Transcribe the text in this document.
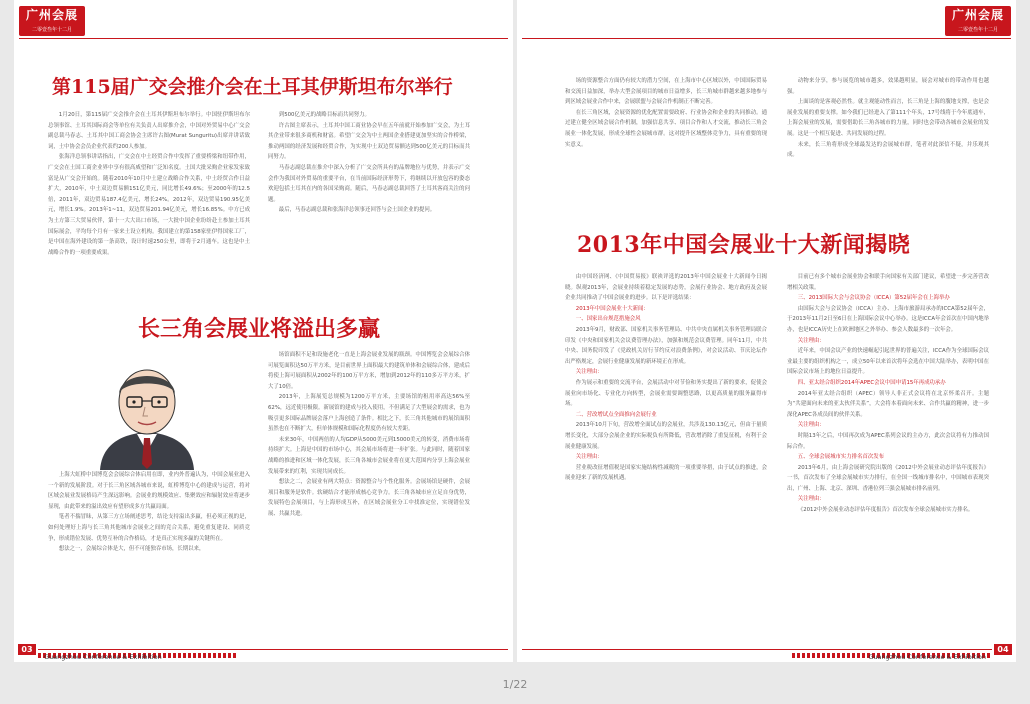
广州会展
二零壹叁年十二月
第115届广交会推介会在土耳其伊斯坦布尔举行

1月20日，第115届广交会推介会在土耳其伊斯坦布尔举行。中国驻伊斯坦布尔总领事馆、土耳其国际商会等单位有关负责人出席推介会，中国对外贸易中心广交会副总裁马春志、土耳其中国工商会协会主席许古图(Murat Sunguritu)出席并讲话致词，土中协会会员企业代表约200人参加。

张海洋总领事讲话指出，广交会在中土经贸合作中发挥了重要桥梁和纽带作用，广交会在土国工商企业界中享有很高威望和广泛知名度。土国大批采购企业家发家致富是从广交会开始的。随着2010年10月中土建立战略合作关系，中土经贸合作日益扩大，2010年，中土双边贸易额151亿美元，同比增长49.6%；至2000年的12.5倍，2011年，双边贸易187.4亿美元，增长24%。2012年，双边贸易190.95亿美元，增长1.9%。2013年1~11，双边贸易201.94亿美元，增长16.85%。中方已成为土方第三大贸易伙伴，第十一大大出口市场，一大批中国企业纷纷赴土参加土耳其国际展会，平均每个月有一家来土设立机构。我国建立的第158家驻伊得国家工厂，是中国在海外建设的第一条高铁，设计时速250公里，即将于2月通车。这也是中土战略合作的一项重要成果。

到500亿美元的战略目标而共同努力。

许古图主席表示，土耳其中国工商业协会早在五年前就开始参加广交会，为土耳其企业带来很多商机和财富。希望广交会为中土两国企业搭建更加坚实的合作桥梁，推动两国的经济发展和经贸合作，为实现中土双边贸易额达到500亿美元的目标而共同努力。

马春志副总裁在推介中深入分析了广交会所具有的品牌地位与优势，并表示广交会作为我国对外贸易的重要平台，在当前国际经济形势下，将继续以开放包容的姿态欢迎包括土耳其在内的各国采购商。随后，马春志副总裁回答了土耳其客商关注的问题。

最后，马春志副总裁和张海洋总领事还回答与会土国企业的提问。

长三角会展业将溢出多赢

上海大虹桥中国博览会会展综合体启用在即，业内外普遍认为，中国会展业进入一个新的发展阶段。对于长三角区域各城市来说，虹桥博览中心的建成与运营，将对区域会展业发展格局产生深远影响。会展业的规模效应、集聚效应和辐射效应将逐步显现，由此带来的溢出效应有望形成多方共赢局面。

笔者不揣冒昧，从第三方立场阐述思考，结论支持溢出多赢，但必须正视的是，如何处理好上海与长三角其他城市会展业之间的竞合关系，避免重复建设、同质竞争，形成错位发展、优势互补的合作格局，才是真正实现多赢的关键所在。

想法之一，会展综合体是大，但不可能独吞市场，长期以来，

场馆面积不足和设施老化一直是上海会展业发展的瓶颈。中国博览会会展综合体可展览面积达50万平方米，是目前世界上面积最大的建筑单体和会展综合体，建成后将使上海可展面积从2002年的100万平方米，增加到2012年的110多万平方米，扩大了10倍。

2013年，上海展览总规模为1200万平方米，主要场馆的租用率高达56%至62%，远近使用极限。新展馆的建成与投入使用，不但满足了大型展会的需求，也为吸引更多国际品牌展会落户上海创造了条件。相比之下，长三角其他城市的展馆面积虽然也在不断扩大，但单体规模和国际化程度仍有较大差距。

未来30年，中国两倍的人均GDP从5000美元到15000美元的转变，消费市场将持续扩大。上海是中国的市场中心，其会展市场将进一步扩张。与此同时，随着国家战略的推进和区域一体化发展，长三角各城市会展业将在更大范围内分享上海会展业发展带来的红利，实现共同成长。

想法之二，会展业有两大特点：资源整合与个性化服务。会展场馆是硬件，会展项目和服务是软件。软硬结合才能形成核心竞争力。长三角各城市应立足自身优势，发展特色会展项目，与上海形成互补，在区域会展业分工中找准定位，实现错位发展、共赢共进。

03
Guangzhou Conference & Exhibition
广州会展
二零壹叁年十二月

场的资源整合方面仍有较大的潜力空间，在上海市中心区域以外，中国国际贸易和交流日益加深，举办大型会展项目的城市日益增多，长三角城市群越来越多地参与到区域会展业合作中来，会展联盟与会展合作机制正不断完善。

在长三角区域，会展资源的优化配置需要政府、行业协会和企业的共同推动。通过建立健全区域会展合作机制，加强信息共享、项目合作和人才交流，推动长三角会展业一体化发展，形成全球性会展城市群。这对提升区域整体竞争力，具有重要的现实意义。

动物来分享，参与展览的城市越多，效果越明显，展会对城市的带动作用也越强。

上面谈的是客观必然性。就主观能动性而言，长三角是上海的腹地支撑，也是会展业发展的重要支撑。如今我们已经进入了第111个年头，17号线将于今年底通车，上海会展业的发展，需要借助长三角各城市的力量，同时也会带动各城市会展业的发展。这是一个相互促进、共同发展的过程。

未来，长三角将形成全球最发达的会展城市群，笔者对此深信不疑，并乐观其成。

2013年中国会展业十大新闻揭晓

由中国经济网、《中国贸易报》联袂评选的2013年中国会展业十大新闻今日揭晓。纵观2013年，会展业持续着稳定发展的态势，会展行业协会、地方政府及会展企业共同推动了中国会展业的进步。以下是评选结果：

2013年中国会展业十大新闻：

一、国家出台规范措施会风

2013年9月，财政部、国家机关事务管理局、中共中央直属机关事务管理局联合印发《中央和国家机关会议费管理办法》，加强和规范会议费管理。同年11月，中共中央、国务院印发了《党政机关厉行节约反对浪费条例》，对会议活动、节庆论坛作出严格规定，会展行业健康发展的新环境正在形成。

关注理由：

作为展示和重要的交流平台，会展活动中对节俭和务实提出了新的要求，促使会展业向市场化、专业化方向转型，会展业需要调整思路，以更高质量的服务赢得市场。

二、营改增试点全面推向会展行业

2013年10月下旬，营改增全面试点的会展业，共涉及130.13亿元，但由于量质增长变化，大部分会展企业的实际税负有所降低，营改增消除了重复征税，有利于会展业健康发展。

关注理由：

营业税改征增值税是国家实施结构性减税的一项重要举措，由于试点的推进，会展业迎来了新的发展机遇。

目前已有多个城市会展业协会和联手向国家有关部门建议，希望进一步完善营改增相关政策。

三、2013国际大会与会议协会（ICCA）第52届年会在上海举办

由国际大会与会议协会（ICCA）主办、上海市旅游局承办的ICCA第52届年会，于2013年11月2日至6日在上海国际会议中心举办。这是ICCA年会首次在中国内地举办，也是ICCA历史上在欧洲地区之外举办、参会人数最多的一次年会。

关注理由：

近年来，中国会议产业的快速崛起引起世界的普遍关注，ICCA作为全球国际会议业最主要的组织机构之一，成立50年以来首次将年会选在中国大陆举办，表明中国在国际会议市场上的地位日益提升。

四、亚太经合组织2014年APEC会议中国申请15年再成功承办

2014年亚太经合组织（APEC）领导人非正式会议将在北京怀柔召开。主题为“共建面向未来的亚太伙伴关系”，大会将本着面向未来、合作共赢的精神，进一步深化APEC各成员间的伙伴关系。

关注理由：

时隔13年之后，中国再次成为APEC系列会议的主办方，此次会议将有力推动国际合作。

五、全球会展城市实力排名首次发布

2013年6月，由上海会展研究院出版的《2012中外会展业动态评估年度报告》一书，首次发布了全球会展城市实力排行，在全国一线城市排名中，中国城市表现突出，广州、上海、北京、深圳、香港位列三强会展城市排名前列。

关注理由：

《2012中外会展业动态评估年度报告》首次发布全球会展城市实力排名。

04
Guangzhou Conference & Exhibition
1/22
